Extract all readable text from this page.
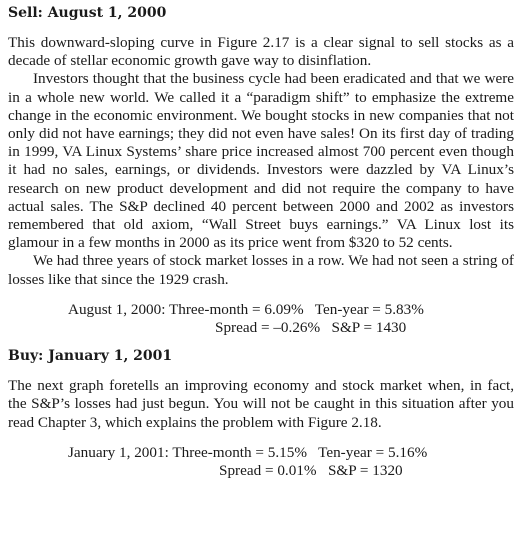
Sell: August 1, 2000

This downward-sloping curve in Figure 2.17 is a clear signal to sell stocks as a decade of stellar economic growth gave way to disinflation.

Investors thought that the business cycle had been eradicated and that we were in a whole new world. We called it a “paradigm shift” to emphasize the extreme change in the economic environment. We bought stocks in new companies that not only did not have earnings; they did not even have sales! On its first day of trading in 1999, VA Linux Systems’ share price increased almost 700 percent even though it had no sales, earnings, or dividends. Investors were dazzled by VA Linux’s research on new product development and did not require the company to have actual sales. The S&P declined 40 percent between 2000 and 2002 as investors remembered that old axiom, “Wall Street buys earnings.” VA Linux lost its glamour in a few months in 2000 as its price went from $320 to 52 cents.

We had three years of stock market losses in a row. We had not seen a string of losses like that since the 1929 crash.

August 1, 2000: Three-month = 6.09%   Ten-year = 5.83%
Spread = –0.26%   S&P = 1430
Buy: January 1, 2001

The next graph foretells an improving economy and stock market when, in fact, the S&P’s losses had just begun. You will not be caught in this situation after you read Chapter 3, which explains the problem with Figure 2.18.

January 1, 2001: Three-month = 5.15%   Ten-year = 5.16%
Spread = 0.01%   S&P = 1320
